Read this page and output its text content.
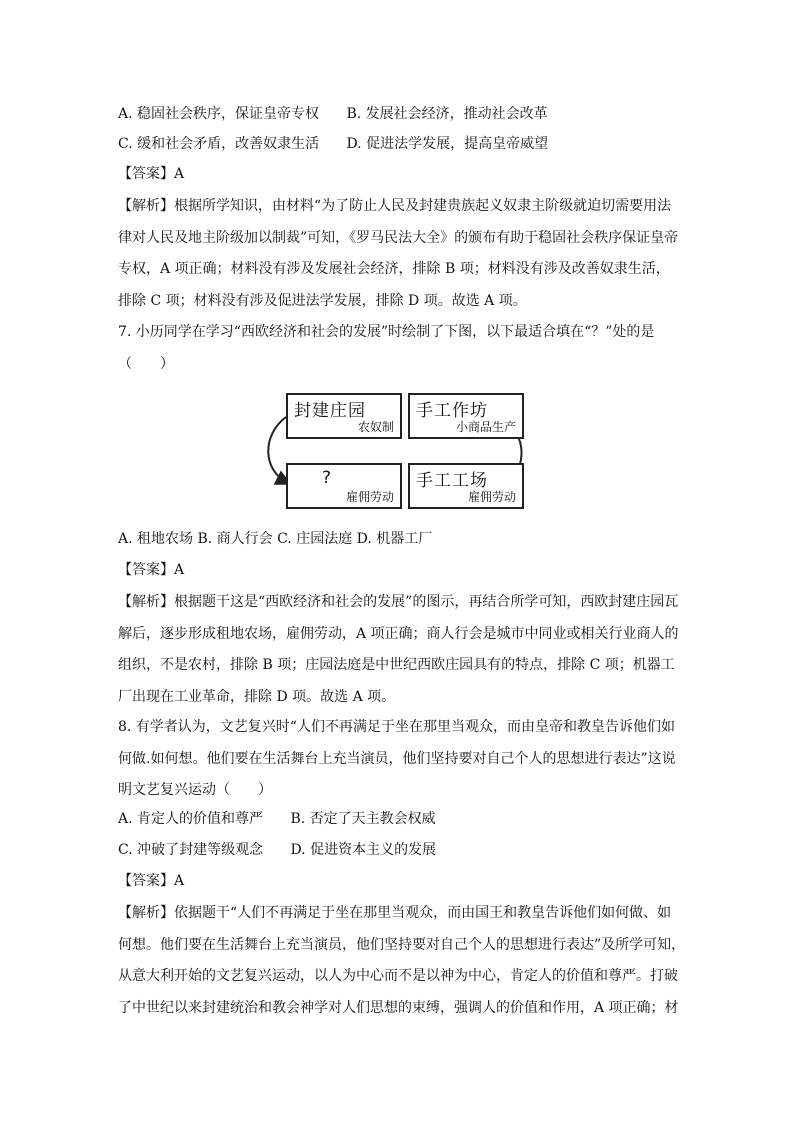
A. 稳固社会秩序，保证皇帝专权 B. 发展社会经济，推动社会改革
C. 缓和社会矛盾，改善奴隶生活 D. 促进法学发展，提高皇帝威望
【答案】A
【解析】根据所学知识，由材料“为了防止人民及封建贵族起义奴隶主阶级就迫切需要用法
律对人民及地主阶级加以制裁”可知，《罗马民法大全》的颁布有助于稳固社会秩序保证皇帝
专权，A 项正确；材料没有涉及发展社会经济，排除 B 项；材料没有涉及改善奴隶生活，
排除 C 项；材料没有涉及促进法学发展，排除 D 项。故选 A 项。
7. 小历同学在学习“西欧经济和社会的发展”时绘制了下图，以下最适合填在“？”处的是
（　　）
封建庄园
农奴制
手工作坊
小商品生产
?
雇佣劳动
手工工场
雇佣劳动
A. 租地农场 B. 商人行会 C. 庄园法庭 D. 机器工厂
【答案】A
【解析】根据题干这是“西欧经济和社会的发展”的图示，再结合所学可知，西欧封建庄园瓦
解后，逐步形成租地农场，雇佣劳动，A 项正确；商人行会是城市中同业或相关行业商人的
组织，不是农村，排除 B 项；庄园法庭是中世纪西欧庄园具有的特点，排除 C 项；机器工
厂出现在工业革命，排除 D 项。故选 A 项。
8. 有学者认为，文艺复兴时“人们不再满足于坐在那里当观众，而由皇帝和教皇告诉他们如
何做.如何想。他们要在生活舞台上充当演员，他们坚持要对自己个人的思想进行表达”这说
明文艺复兴运动（　　）
A. 肯定人的价值和尊严 B. 否定了天主教会权威
C. 冲破了封建等级观念 D. 促进资本主义的发展
【答案】A
【解析】依据题干“人们不再满足于坐在那里当观众，而由国王和教皇告诉他们如何做、如
何想。他们要在生活舞台上充当演员，他们坚持要对自己个人的思想进行表达”及所学可知，
从意大利开始的文艺复兴运动，以人为中心而不是以神为中心，肯定人的价值和尊严。打破
了中世纪以来封建统治和教会神学对人们思想的束缚，强调人的价值和作用，A 项正确；材
